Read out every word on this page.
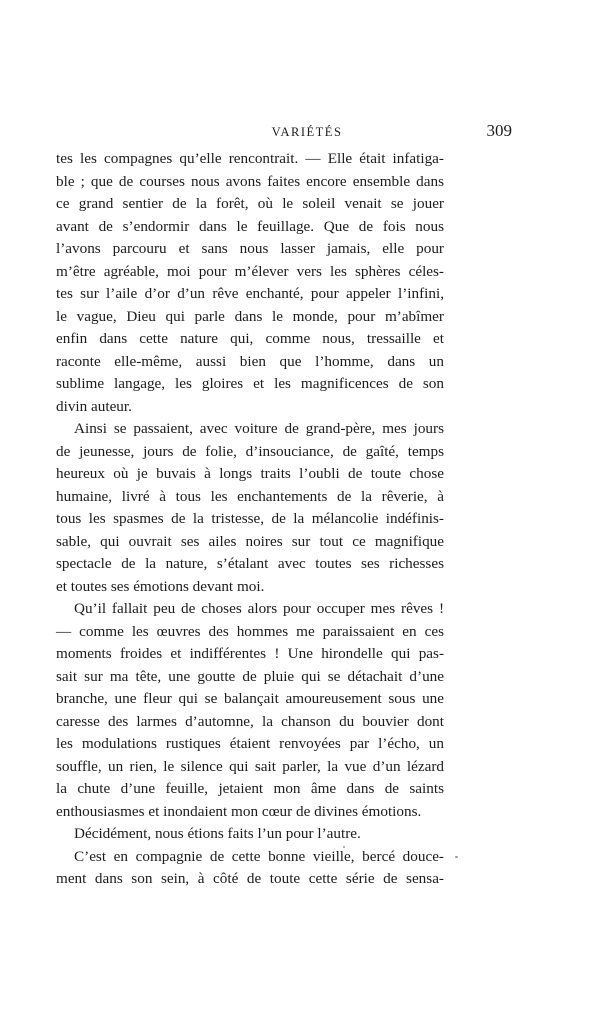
VARIÉTÉS	309
tes les compagnes qu’elle rencontrait. — Elle était infatiga-
ble ; que de courses nous avons faites encore ensemble dans
ce grand sentier de la forêt, où le soleil venait se jouer
avant de s’endormir dans le feuillage. Que de fois nous
l’avons parcouru et sans nous lasser jamais, elle pour
m’être agréable, moi pour m’élever vers les sphères céles-
tes sur l’aile d’or d’un rêve enchanté, pour appeler l’infini,
le vague, Dieu qui parle dans le monde, pour m’abîmer
enfin dans cette nature qui, comme nous, tressaille et
raconte elle-même, aussi bien que l’homme, dans un
sublime langage, les gloires et les magnificences de son
divin auteur.
Ainsi se passaient, avec voiture de grand-père, mes jours
de jeunesse, jours de folie, d’insouciance, de gaîté, temps
heureux où je buvais à longs traits l’oubli de toute chose
humaine, livré à tous les enchantements de la rêverie, à
tous les spasmes de la tristesse, de la mélancolie indéfinis-
sable, qui ouvrait ses ailes noires sur tout ce magnifique
spectacle de la nature, s’étalant avec toutes ses richesses
et toutes ses émotions devant moi.
Qu’il fallait peu de choses alors pour occuper mes rêves !
— comme les œuvres des hommes me paraissaient en ces
moments froides et indifférentes ! Une hirondelle qui pas-
sait sur ma tête, une goutte de pluie qui se détachait d’une
branche, une fleur qui se balançait amoureusement sous une
caresse des larmes d’automne, la chanson du bouvier dont
les modulations rustiques étaient renvoyées par l’écho, un
souffle, un rien, le silence qui sait parler, la vue d’un lézard
la chute d’une feuille, jetaient mon âme dans de saints
enthousiasmes et inondaient mon cœur de divines émotions.
Décidément, nous étions faits l’un pour l’autre.
C’est en compagnie de cette bonne vieille, bercé douce-
ment dans son sein, à côté de toute cette série de sensa-
